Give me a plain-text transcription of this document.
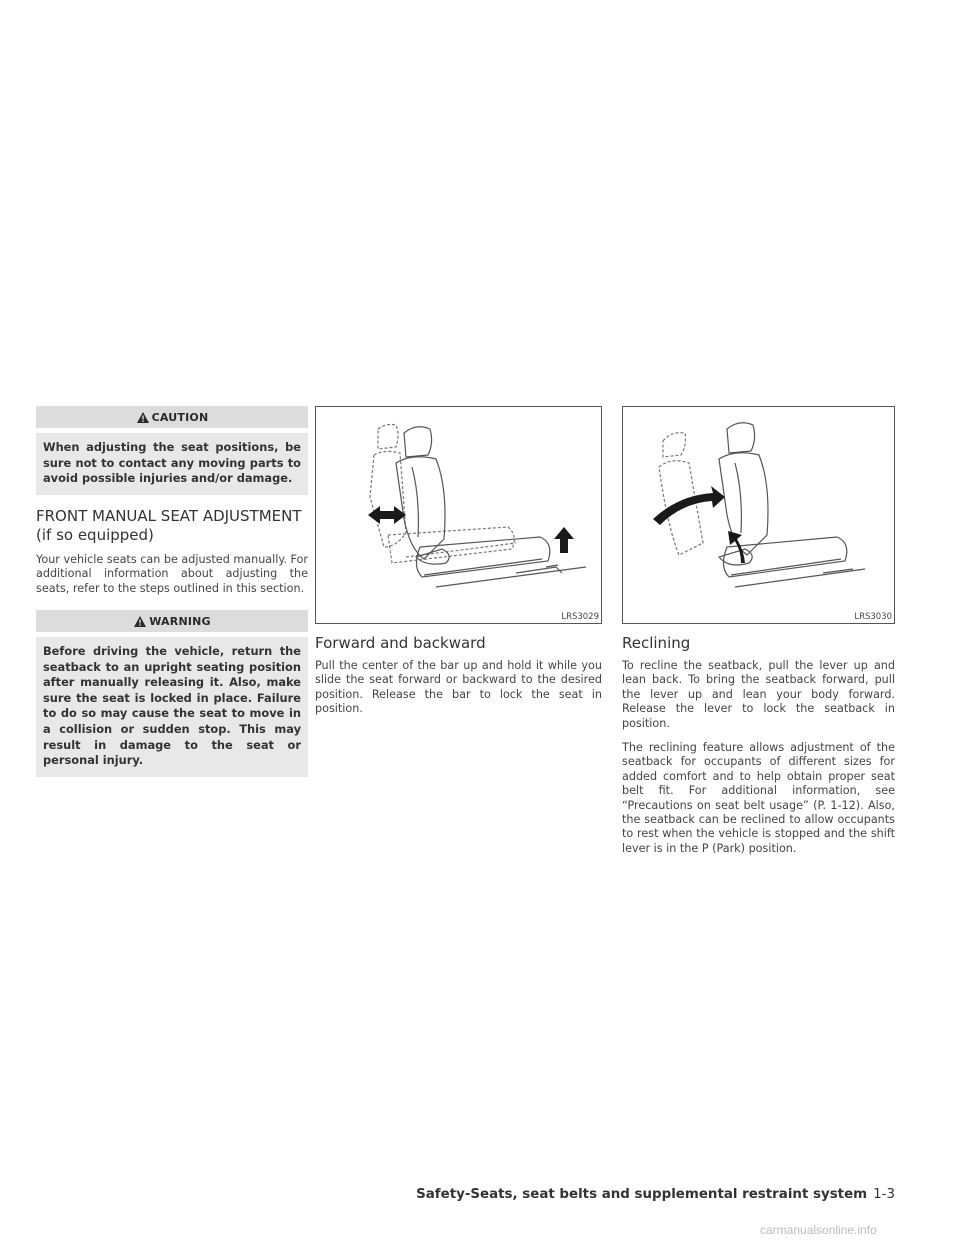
CAUTION
When adjusting the seat positions, be sure not to contact any moving parts to avoid possible injuries and/or damage.
FRONT MANUAL SEAT ADJUSTMENT (if so equipped)

Your vehicle seats can be adjusted manually. For additional information about adjusting the seats, refer to the steps outlined in this section.

WARNING
Before driving the vehicle, return the seatback to an upright seating position after manually releasing it. Also, make sure the seat is locked in place. Failure to do so may cause the seat to move in a collision or sudden stop. This may result in damage to the seat or personal injury.
LRS3029
Forward and backward

Pull the center of the bar up and hold it while you slide the seat forward or backward to the desired position. Release the bar to lock the seat in position.

LRS3030
Reclining

To recline the seatback, pull the lever up and lean back. To bring the seatback forward, pull the lever up and lean your body forward. Release the lever to lock the seatback in position.

The reclining feature allows adjustment of the seatback for occupants of different sizes for added comfort and to help obtain proper seat belt fit. For additional information, see “Precautions on seat belt usage” (P. 1-12). Also, the seatback can be reclined to allow occupants to rest when the vehicle is stopped and the shift lever is in the P (Park) position.

Safety-Seats, seat belts and supplemental restraint system 1-3
carmanualsonline.info
